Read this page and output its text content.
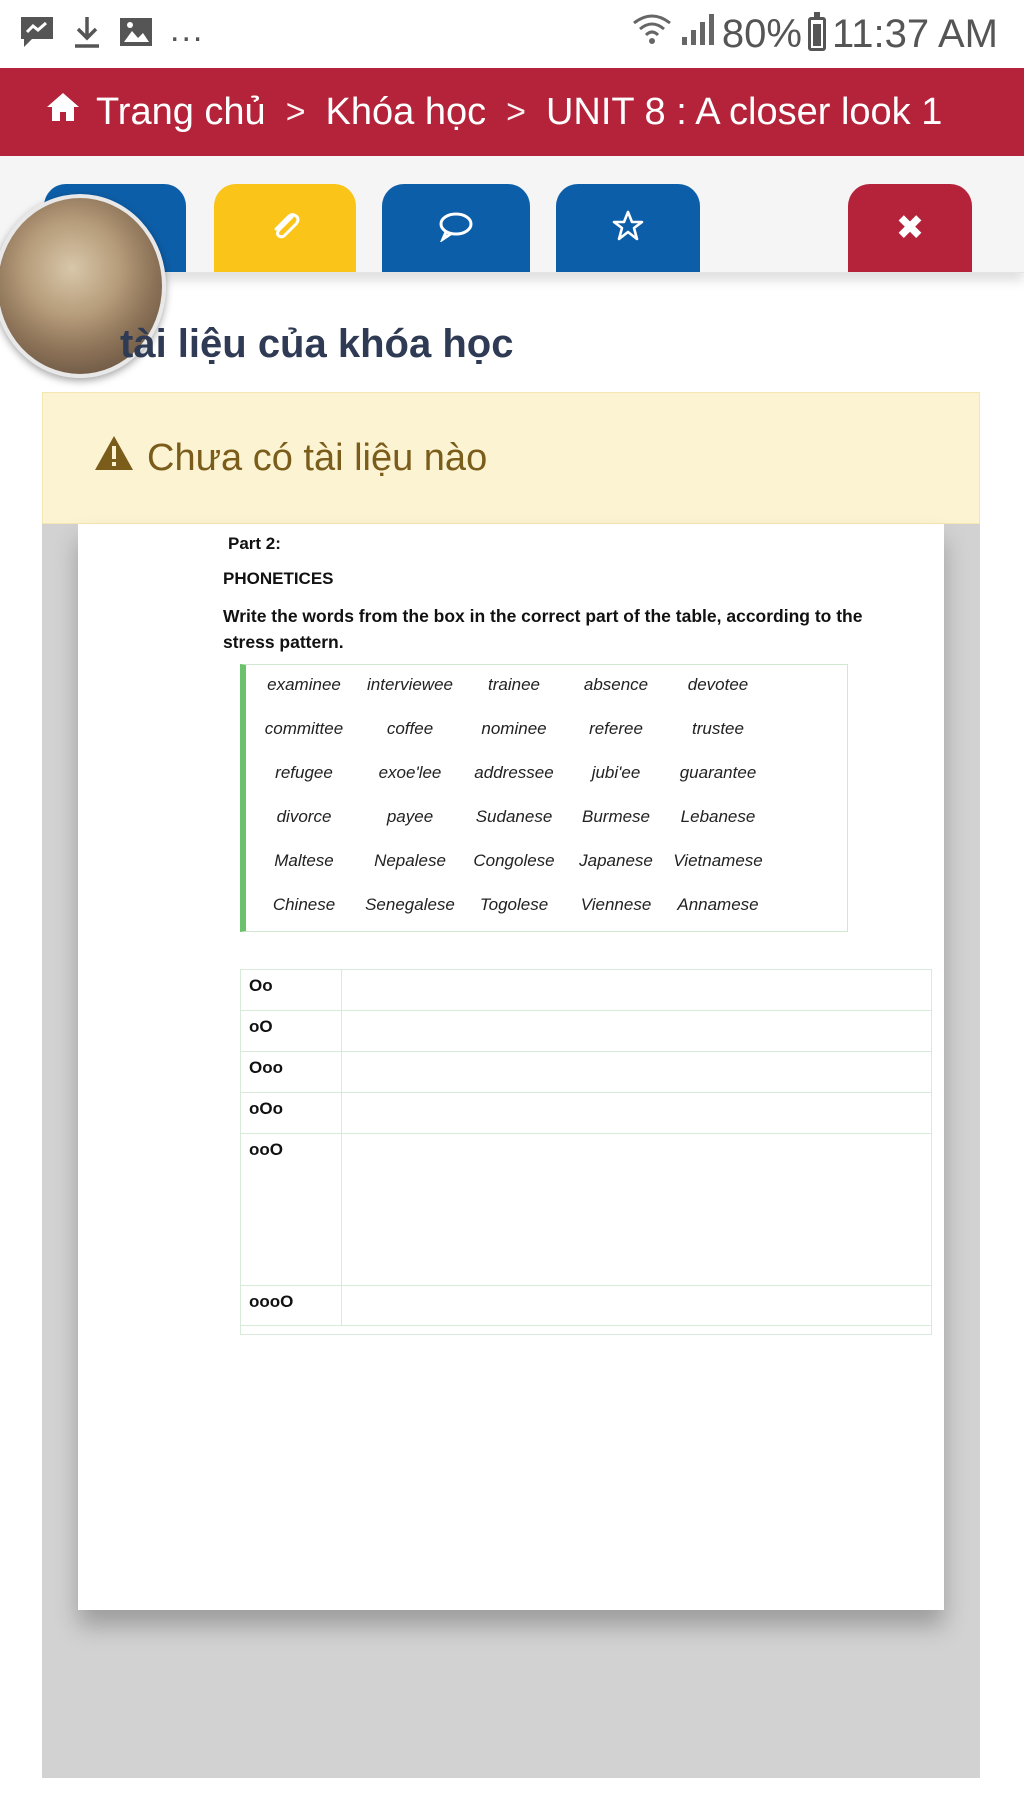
...	80% 11:37 AM
Trang chủ > Khóa học > UNIT 8 : A closer look 1
✖
tài liệu của khóa học
Chưa có tài liệu nào
Part 2:
PHONETICES
Write the words from the box in the correct part of the table, according to the stress pattern.
examinee	interviewee	trainee	absence	devotee
committee	coffee	nominee	referee	trustee
refugee	exoe'lee	addressee	jubi'ee	guarantee
divorce	payee	Sudanese	Burmese	Lebanese
Maltese	Nepalese	Congolese	Japanese	Vietnamese
Chinese	Senegalese	Togolese	Viennese	Annamese
Oo
oO
Ooo
oOo
ooO
oooO
